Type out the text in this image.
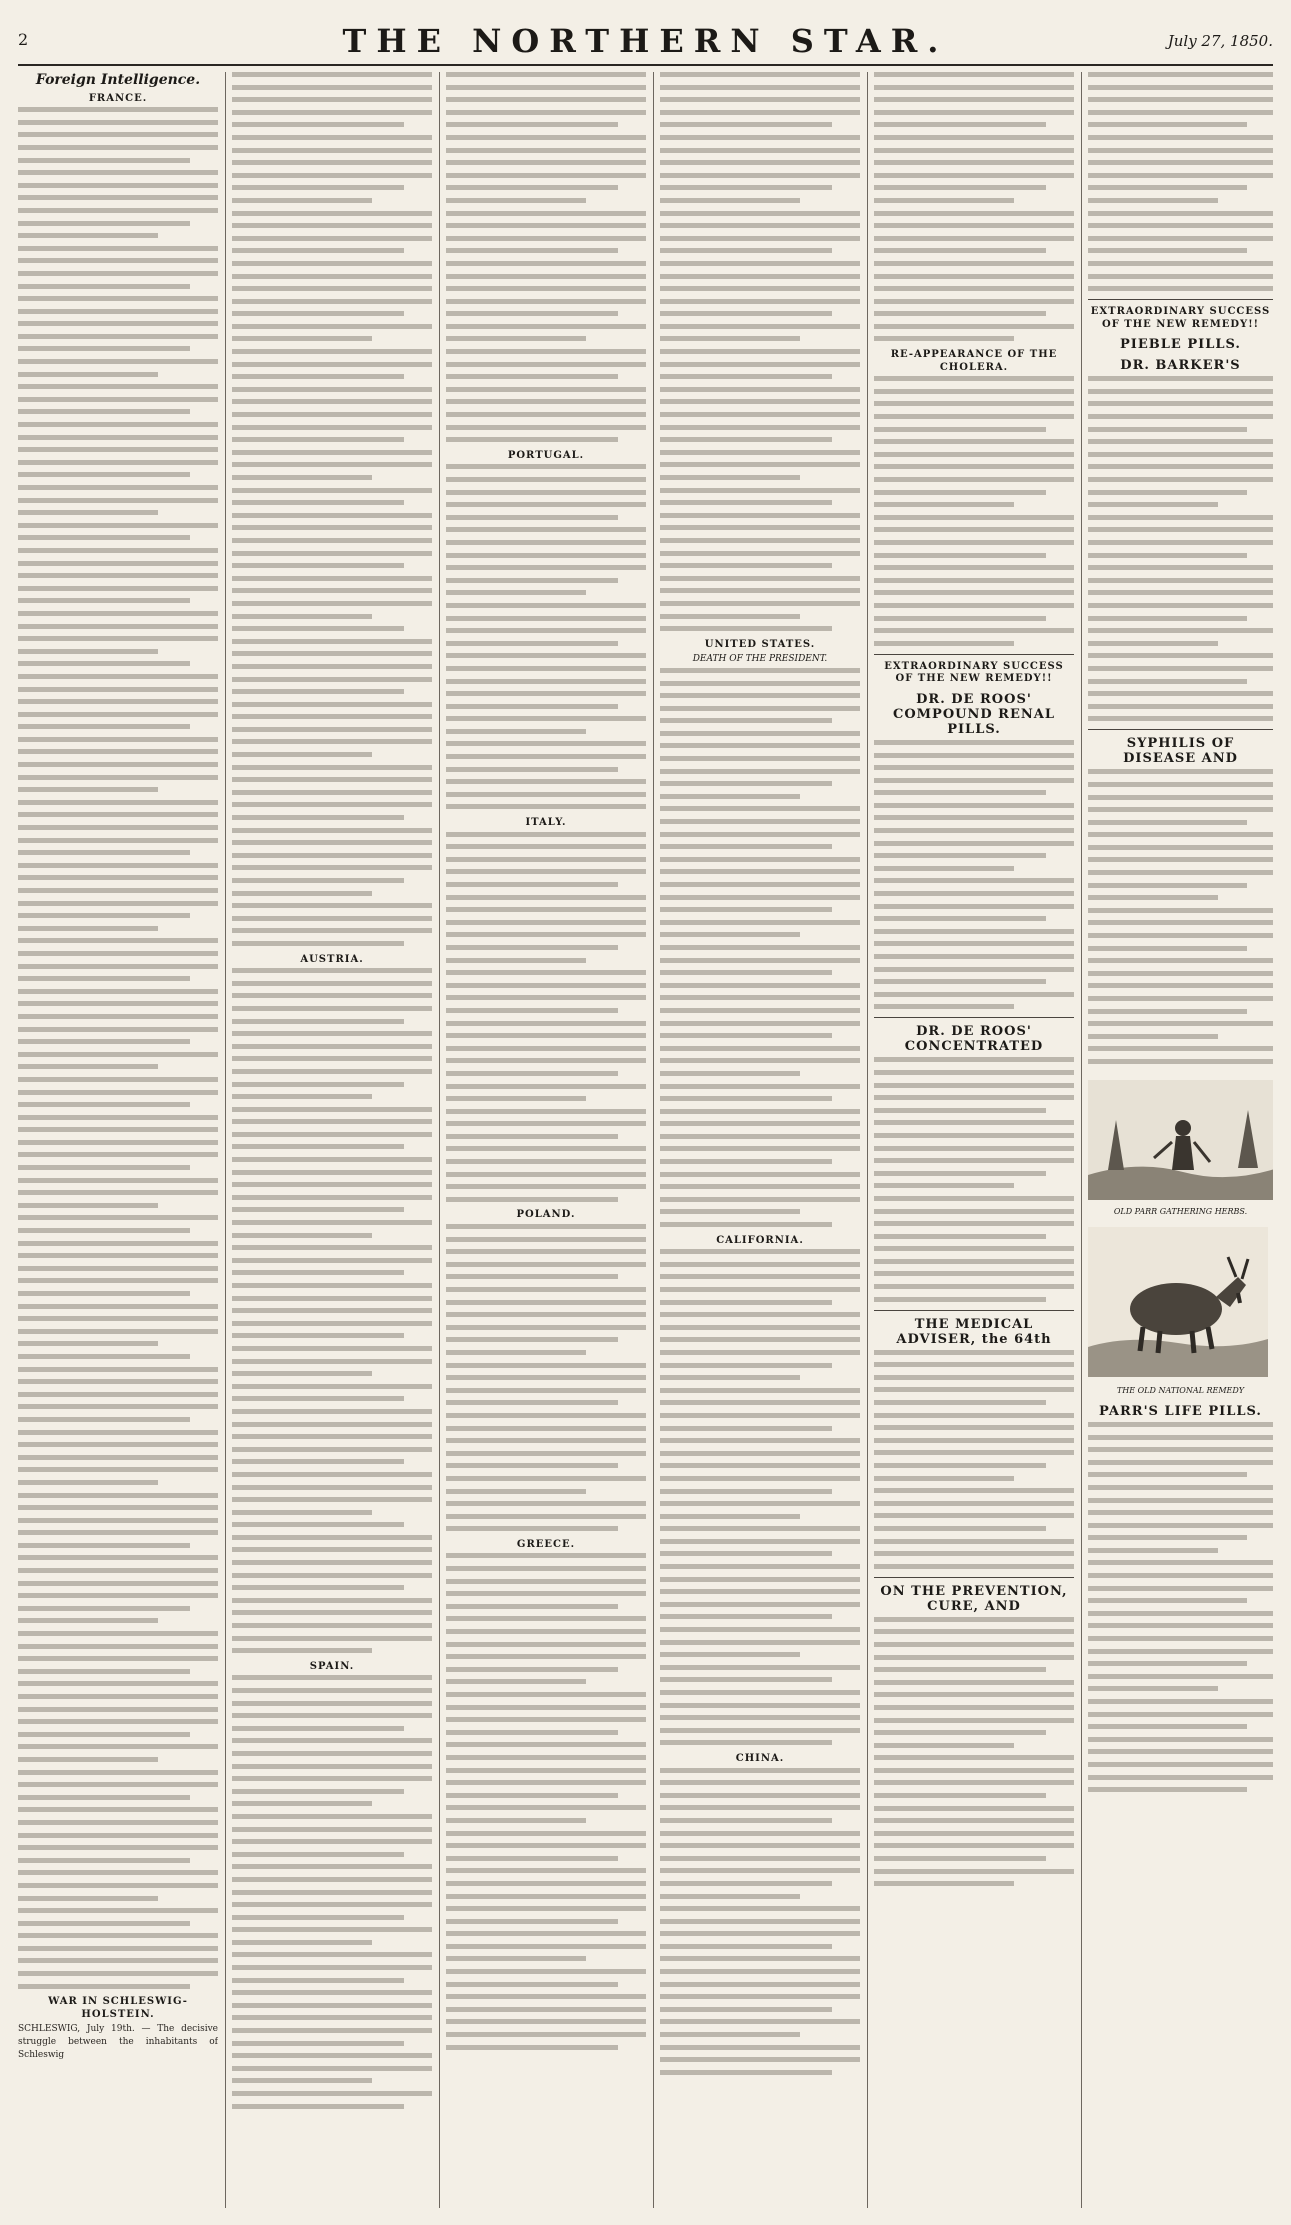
2	THE NORTHERN STAR.	July 27, 1850.
Foreign Intelligence.
FRANCE.
WAR IN SCHLESWIG-HOLSTEIN.
SCHLESWIG, July 19th. — The decisive struggle between the inhabitants of Schleswig
AUSTRIA.
SPAIN.
PORTUGAL.
ITALY.
POLAND.
GREECE.
UNITED STATES.
DEATH OF THE PRESIDENT.
CALIFORNIA.
CHINA.
RE-APPEARANCE OF THE CHOLERA.
EXTRAORDINARY SUCCESS OF THE NEW REMEDY!!
DR. DE ROOS' COMPOUND RENAL PILLS.
DR. DE ROOS' CONCENTRATED
THE MEDICAL ADVISER, the 64th
ON THE PREVENTION, CURE, AND
EXTRAORDINARY SUCCESS OF THE NEW REMEDY!!
PIEBLE PILLS.
DR. BARKER'S
SYPHILIS OF DISEASE AND
OLD PARR GATHERING HERBS.
THE OLD NATIONAL REMEDY
PARR'S LIFE PILLS.
